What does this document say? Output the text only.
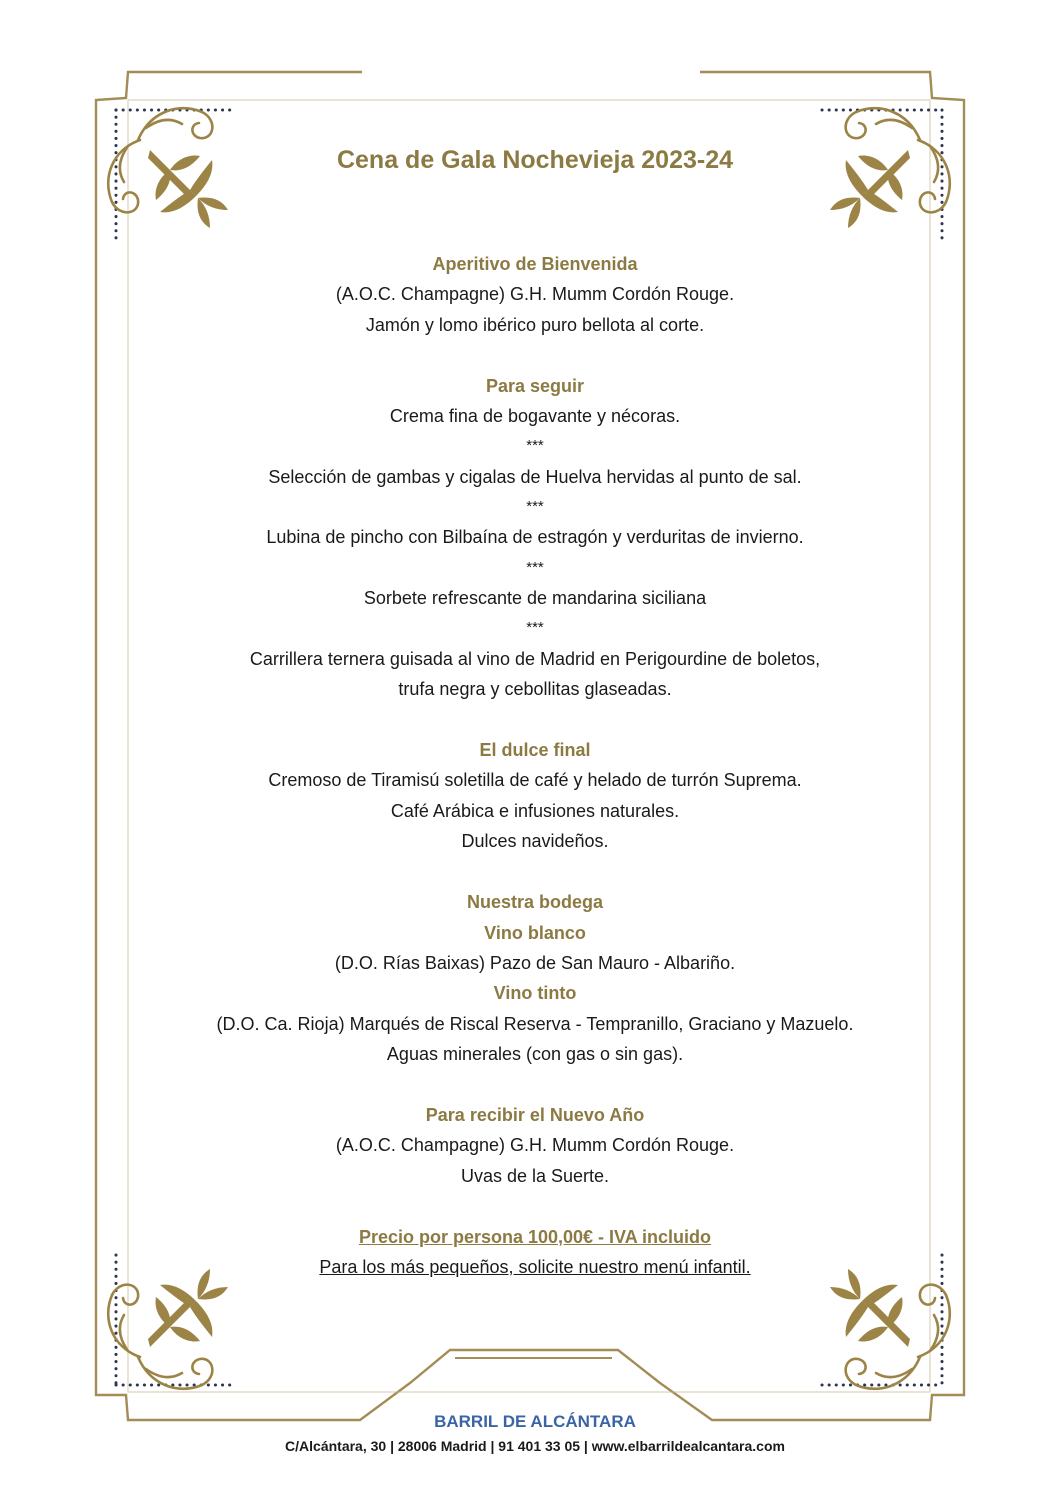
Cena de Gala Nochevieja 2023-24
Aperitivo de Bienvenida
(A.O.C. Champagne) G.H. Mumm Cordón Rouge.
Jamón y lomo ibérico puro bellota al corte.
Para seguir
Crema fina de bogavante y nécoras.
***
Selección de gambas y cigalas de Huelva hervidas al punto de sal.
***
Lubina de pincho con Bilbaína de estragón y verduritas de invierno.
***
Sorbete refrescante de mandarina siciliana
***
Carrillera ternera guisada al vino de Madrid en Perigourdine de boletos,
trufa negra y cebollitas glaseadas.
El dulce final
Cremoso de Tiramisú soletilla de café y helado de turrón Suprema.
Café Arábica e infusiones naturales.
Dulces navideños.
Nuestra bodega
Vino blanco
(D.O. Rías Baixas) Pazo de San Mauro - Albariño.
Vino tinto
(D.O. Ca. Rioja) Marqués de Riscal Reserva - Tempranillo, Graciano y Mazuelo.
Aguas minerales (con gas o sin gas).
Para recibir el Nuevo Año
(A.O.C. Champagne) G.H. Mumm Cordón Rouge.
Uvas de la Suerte.
Precio por persona 100,00€ - IVA incluido
Para los más pequeños, solicite nuestro menú infantil.
BARRIL DE ALCÁNTARA
C/Alcántara, 30 | 28006 Madrid | 91 401 33 05 | www.elbarrildealcantara.com
